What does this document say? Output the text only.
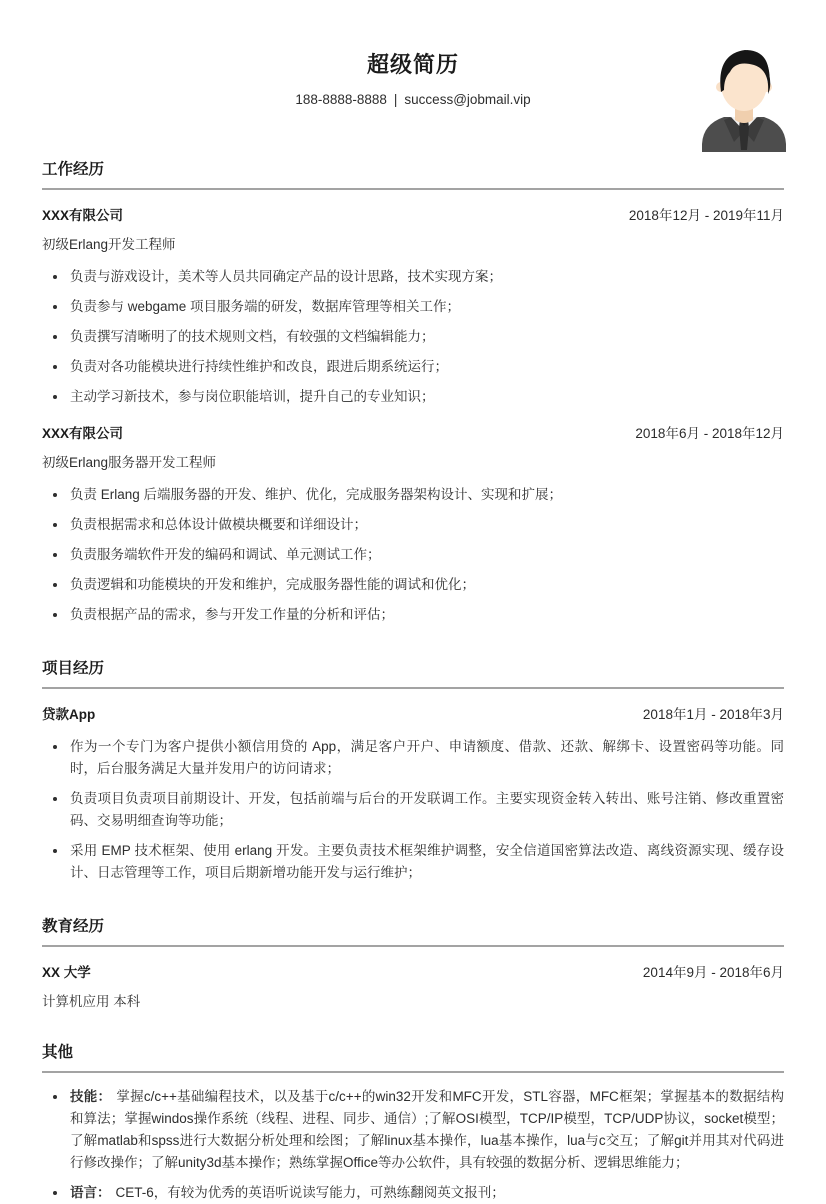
超级简历
188-8888-8888 | success@jobmail.vip
工作经历
XXX有限公司	2018年12月 - 2019年11月
初级Erlang开发工程师
• 负责与游戏设计，美术等人员共同确定产品的设计思路，技术实现方案；
• 负责参与 webgame 项目服务端的研发，数据库管理等相关工作；
• 负责撰写清晰明了的技术规则文档，有较强的文档编辑能力；
• 负责对各功能模块进行持续性维护和改良，跟进后期系统运行；
• 主动学习新技术，参与岗位职能培训，提升自己的专业知识；
XXX有限公司	2018年6月 - 2018年12月
初级Erlang服务器开发工程师
• 负责 Erlang 后端服务器的开发、维护、优化，完成服务器架构设计、实现和扩展；
• 负责根据需求和总体设计做模块概要和详细设计；
• 负责服务端软件开发的编码和调试、单元测试工作；
• 负责逻辑和功能模块的开发和维护，完成服务器性能的调试和优化；
• 负责根据产品的需求，参与开发工作量的分析和评估；
项目经历
贷款App	2018年1月 - 2018年3月
• 作为一个专门为客户提供小额信用贷的 App，满足客户开户、申请额度、借款、还款、解绑卡、设置密码等功能。同时，后台服务满足大量并发用户的访问请求；
• 负责项目负责项目前期设计、开发，包括前端与后台的开发联调工作。主要实现资金转入转出、账号注销、修改重置密码、交易明细查询等功能；
• 采用 EMP 技术框架、使用 erlang 开发。主要负责技术框架维护调整，安全信道国密算法改造、离线资源实现、缓存设计、日志管理等工作，项目后期新增功能开发与运行维护；
教育经历
XX 大学	2014年9月 - 2018年6月
计算机应用 本科
其他
• 技能： 掌握c/c++基础编程技术，以及基于c/c++的win32开发和MFC开发，STL容器，MFC框架；掌握基本的数据结构和算法；掌握windos操作系统（线程、进程、同步、通信）;了解OSI模型，TCP/IP模型，TCP/UDP协议，socket模型；了解matlab和spss进行大数据分析处理和绘图；了解linux基本操作，lua基本操作，lua与c交互；了解git并用其对代码进行修改操作；了解unity3d基本操作；熟练掌握Office等办公软件，具有较强的数据分析、逻辑思维能力；
• 语言： CET-6，有较为优秀的英语听说读写能力，可熟练翻阅英文报刊；
